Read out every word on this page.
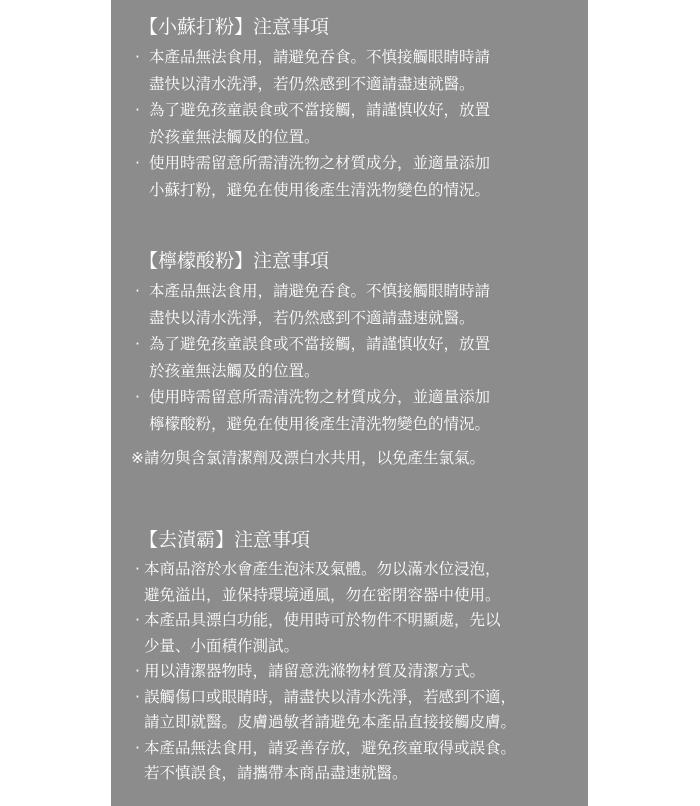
【小蘇打粉】注意事項
· 本產品無法食用，請避免吞食。不慎接觸眼睛時請
盡快以清水洗淨，若仍然感到不適請盡速就醫。
· 為了避免孩童誤食或不當接觸，請謹慎收好，放置
於孩童無法觸及的位置。
· 使用時需留意所需清洗物之材質成分，並適量添加
小蘇打粉，避免在使用後產生清洗物變色的情況。
【檸檬酸粉】注意事項
· 本產品無法食用，請避免吞食。不慎接觸眼睛時請
盡快以清水洗淨，若仍然感到不適請盡速就醫。
· 為了避免孩童誤食或不當接觸，請謹慎收好，放置
於孩童無法觸及的位置。
· 使用時需留意所需清洗物之材質成分，並適量添加
檸檬酸粉，避免在使用後產生清洗物變色的情況。
※請勿與含氯清潔劑及漂白水共用，以免產生氯氣。
【去漬霸】注意事項
· 本商品溶於水會產生泡沫及氣體。勿以滿水位浸泡，
避免溢出，並保持環境通風，勿在密閉容器中使用。
· 本產品具漂白功能，使用時可於物件不明顯處，先以
少量、小面積作測試。
· 用以清潔器物時，請留意洗滌物材質及清潔方式。
· 誤觸傷口或眼睛時，請盡快以清水洗淨，若感到不適，
請立即就醫。皮膚過敏者請避免本產品直接接觸皮膚。
· 本產品無法食用，請妥善存放，避免孩童取得或誤食。
若不慎誤食，請攜帶本商品盡速就醫。
